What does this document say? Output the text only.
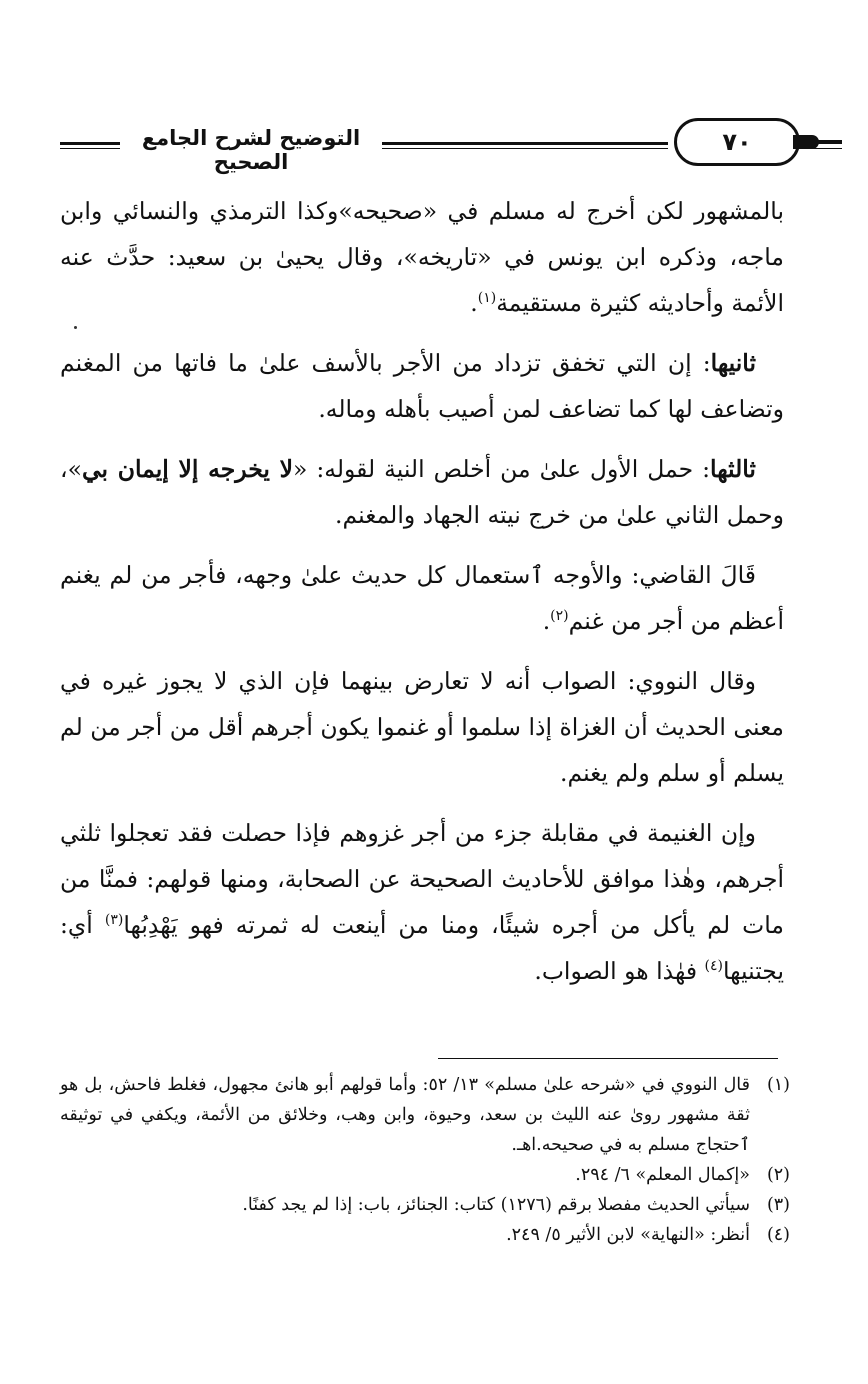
التوضيح لشرح الجامع الصحيح
٧٠

بالمشهور لكن أخرج له مسلم في «صحيحه»وكذا الترمذي والنسائي وابن ماجه، وذكره ابن يونس في «تاريخه»، وقال يحيىٰ بن سعيد: حدَّث عنه الأئمة وأحاديثه كثيرة مستقيمة$^{(١)}$.

ثانيها: إن التي تخفق تزداد من الأجر بالأسف علىٰ ما فاتها من المغنم وتضاعف لها كما تضاعف لمن أصيب بأهله وماله.

ثالثها: حمل الأول علىٰ من أخلص النية لقوله: «لا يخرجه إلا إيمان بي»، وحمل الثاني علىٰ من خرج نيته الجهاد والمغنم.

قَالَ القاضي: والأوجه ٱستعمال كل حديث علىٰ وجهه، فأجر من لم يغنم أعظم من أجر من غنم$^{(٢)}$.

وقال النووي: الصواب أنه لا تعارض بينهما فإن الذي لا يجوز غيره في معنى الحديث أن الغزاة إذا سلموا أو غنموا يكون أجرهم أقل من أجر من لم يسلم أو سلم ولم يغنم.

وإن الغنيمة في مقابلة جزء من أجر غزوهم فإذا حصلت فقد تعجلوا ثلثي أجرهم، وهٰذا موافق للأحاديث الصحيحة عن الصحابة، ومنها قولهم: فمنَّا من مات لم يأكل من أجره شيئًا، ومنا من أينعت له ثمرته فهو يَهْدِبُها$^{(٣)}$ أي: يجتنيها$^{(٤)}$ فهٰذا هو الصواب.

(١)
قال النووي في «شرحه علىٰ مسلم» ١٣/ ٥٢: وأما قولهم أبو هانئ مجهول، فغلط فاحش، بل هو ثقة مشهور روىٰ عنه الليث بن سعد، وحيوة، وابن وهب، وخلائق من الأئمة، ويكفي في توثيقه ٱحتجاج مسلم به في صحيحه.اهـ.
(٢)
«إكمال المعلم» ٦/ ٢٩٤.
(٣)
سيأتي الحديث مفصلا برقم (١٢٧٦) كتاب: الجنائز، باب: إذا لم يجد كفنًا.
(٤)
أنظر: «النهاية» لابن الأثير ٥/ ٢٤٩.
